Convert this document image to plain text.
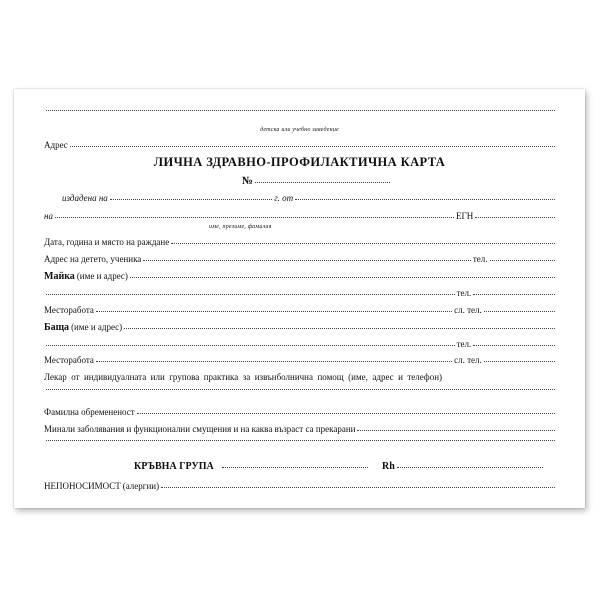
детска или учебно заведение
Адрес
ЛИЧНА ЗДРАВНО-ПРОФИЛАКТИЧНА КАРТА
№
издадена на	г. от
на	ЕГН
име, презиме, фамилия
Дата, година и място на раждане
Адрес на детето, ученика	тел.
Майка (име и адрес)
тел.
Месторабота	сл. тел.
Баща (име и адрес)
тел.
Месторабота	сл. тел.
Лекар от индивидуалната или групова практика за извънболнична помощ (име, адрес и телефон)
Фамилна обремененост
Минали заболявания и функционални смущения и на каква възраст са прекарани
КРЪВНА ГРУПА	Rh
НЕПОНОСИМОСТ (алергии)
